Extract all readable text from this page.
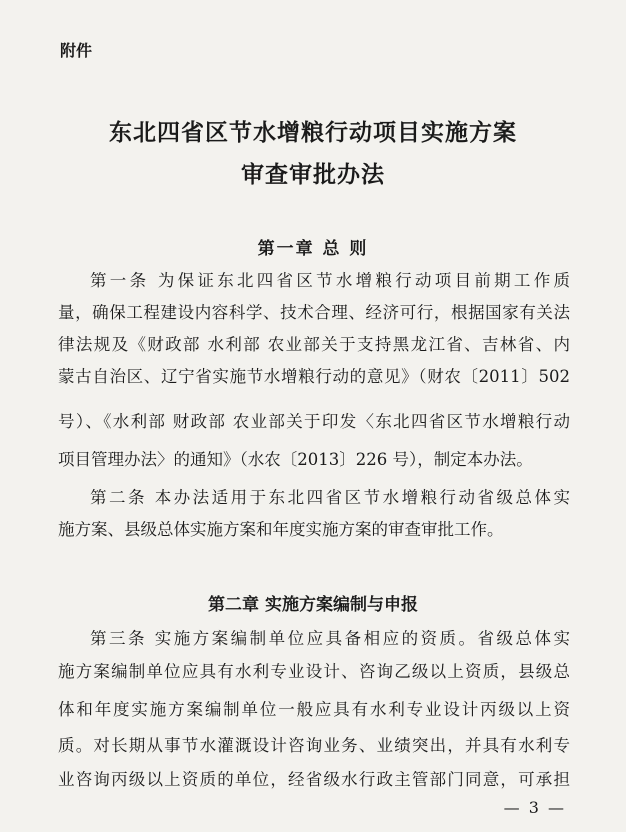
附件
东北四省区节水增粮行动项目实施方案
审查审批办法
第一章 总 则
第一条 为保证东北四省区节水增粮行动项目前期工作质
量，确保工程建设内容科学、技术合理、经济可行，根据国家有关法
律法规及《财政部 水利部 农业部关于支持黑龙江省、吉林省、内
蒙古自治区、辽宁省实施节水增粮行动的意见》（财农〔2011〕502
号）、《水利部 财政部 农业部关于印发〈东北四省区节水增粮行动
项目管理办法〉的通知》（水农〔2013〕226 号），制定本办法。
第二条 本办法适用于东北四省区节水增粮行动省级总体实
施方案、县级总体实施方案和年度实施方案的审查审批工作。
第二章 实施方案编制与申报
第三条 实施方案编制单位应具备相应的资质。省级总体实
施方案编制单位应具有水利专业设计、咨询乙级以上资质，县级总
体和年度实施方案编制单位一般应具有水利专业设计丙级以上资
质。对长期从事节水灌溉设计咨询业务、业绩突出，并具有水利专
业咨询丙级以上资质的单位，经省级水行政主管部门同意，可承担
— 3 —
